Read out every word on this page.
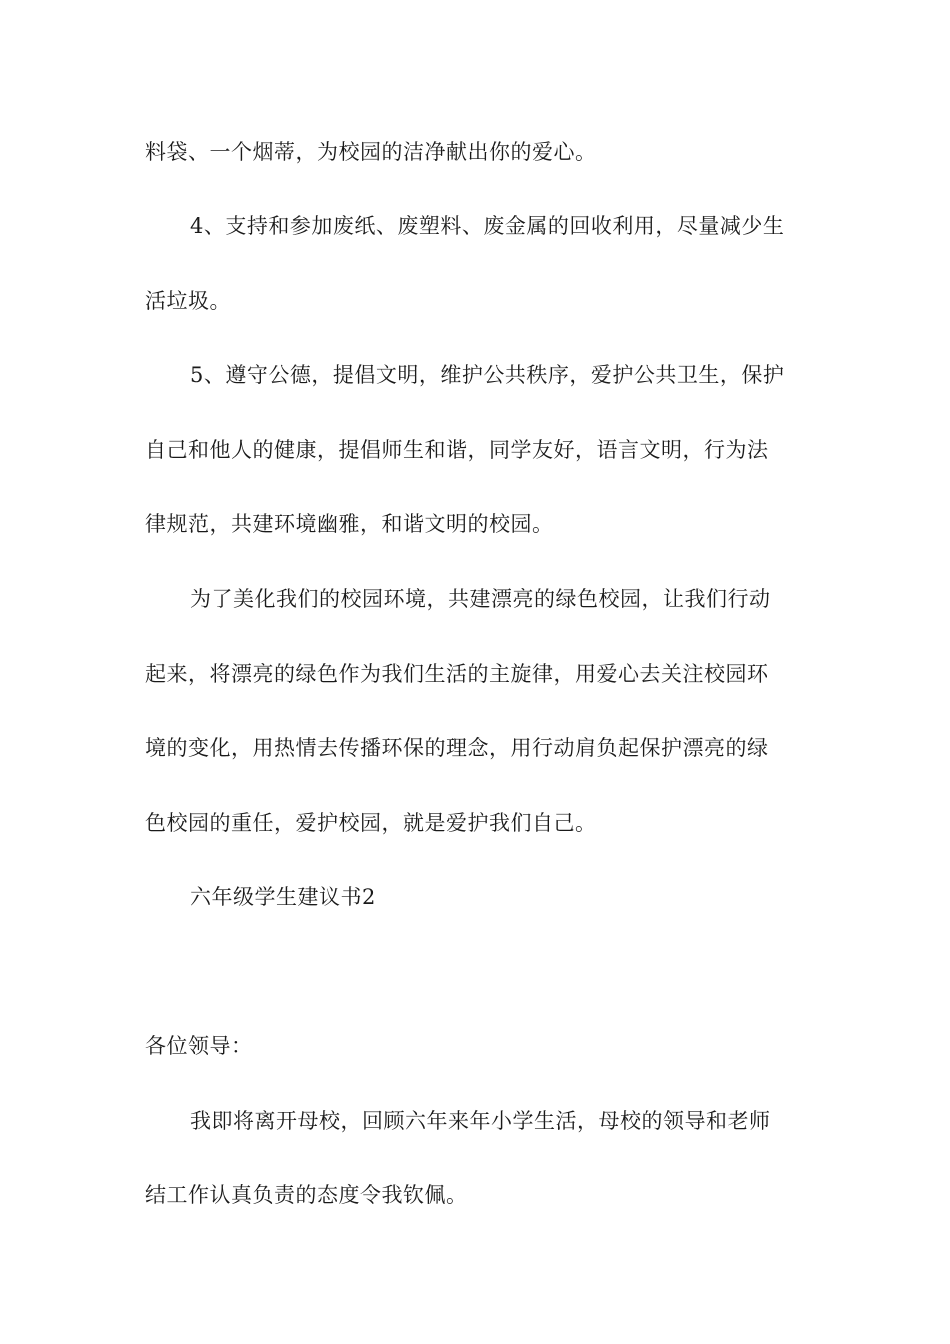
料袋、一个烟蒂，为校园的洁净献出你的爱心。
4、支持和参加废纸、废塑料、废金属的回收利用，尽量减少生
活垃圾。
5、遵守公德，提倡文明，维护公共秩序，爱护公共卫生，保护
自己和他人的健康，提倡师生和谐，同学友好，语言文明，行为法
律规范，共建环境幽雅，和谐文明的校园。
为了美化我们的校园环境，共建漂亮的绿色校园，让我们行动
起来，将漂亮的绿色作为我们生活的主旋律，用爱心去关注校园环
境的变化，用热情去传播环保的理念，用行动肩负起保护漂亮的绿
色校园的重任，爱护校园，就是爱护我们自己。
六年级学生建议书2
各位领导：
我即将离开母校，回顾六年来年小学生活，母校的领导和老师
结工作认真负责的态度令我钦佩。
